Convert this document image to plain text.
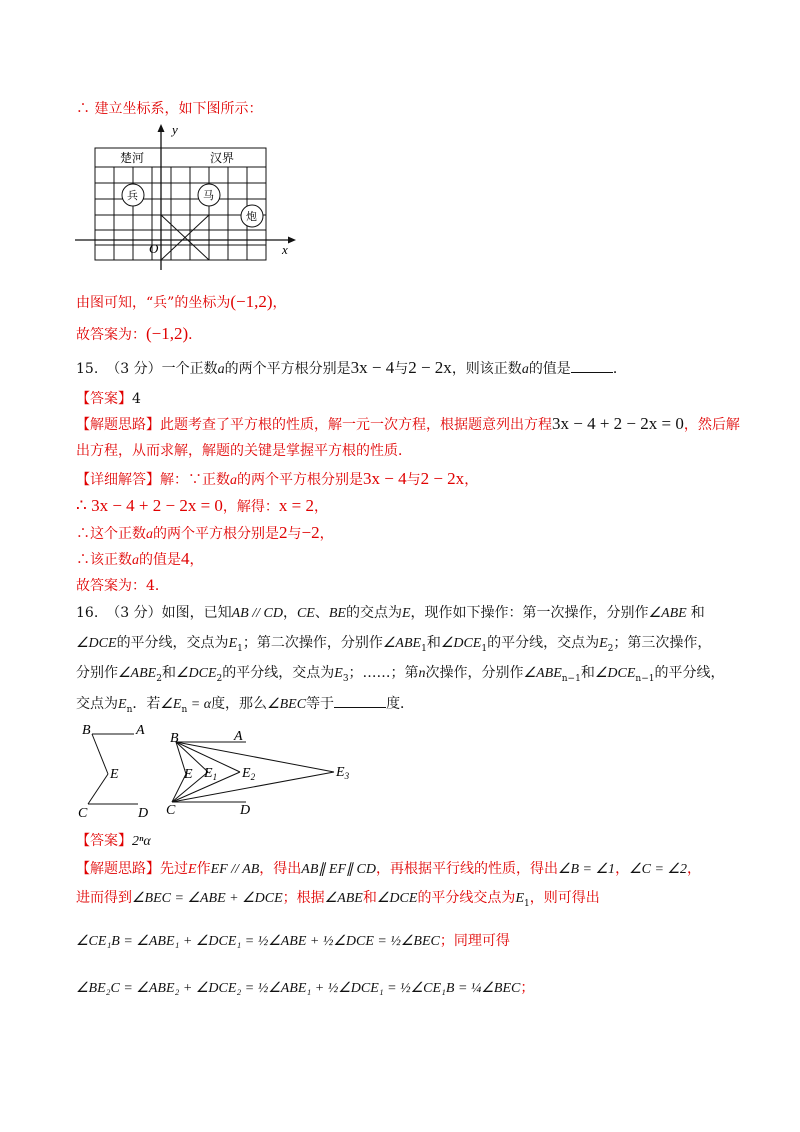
∴ 建立坐标系，如下图所示：
y
x
O
楚河	汉界
兵	马
炮
由图可知，“兵”的坐标为(−1,2)，
故答案为：(−1,2)．
15. （3 分）一个正数a的两个平方根分别是3x − 4与2 − 2x，则该正数a的值是	．
【答案】4
【解题思路】此题考查了平方根的性质，解一元一次方程，根据题意列出方程3x − 4 + 2 − 2x = 0，然后解
出方程，从而求解，解题的关键是掌握平方根的性质．
【详细解答】解：∵正数a的两个平方根分别是3x − 4与2 − 2x，
∴ 3x − 4 + 2 − 2x = 0，解得：x = 2，
∴这个正数a的两个平方根分别是2与−2，
∴该正数a的值是4，
故答案为：4．
16. （3 分）如图，已知AB // CD，CE、BE的交点为E，现作如下操作：第一次操作，分别作∠ABE 和
∠DCE的平分线，交点为$E_1$；第二次操作，分别作$\angle ABE_1$和$\angle DCE_1$的平分线，交点为$E_2$；第三次操作，
分别作$\angle ABE_2$和$\angle DCE_2$的平分线，交点为$E_3$；……；第n次操作，分别作$\angle ABE_{n-1}$和$\angle DCE_{n-1}$的平分线，
交点为$E_n$．若$\angle E_n = \alpha$度，那么∠BEC等于	度．
B	A
E
C	D
B	A
E $E_1$ $E_2$	$E_3$
C	D
【答案】2ⁿα
【解题思路】先过E作EF // AB，得出AB∥ EF∥ CD，再根据平行线的性质，得出∠B = ∠1，∠C = ∠2，
进而得到∠BEC = ∠ABE + ∠DCE；根据∠ABE和∠DCE的平分线交点为$E_1$，则可得出
∠CE₁B = ∠ABE₁ + ∠DCE₁ = ½∠ABE + ½∠DCE = ½∠BEC；同理可得
∠BE₂C = ∠ABE₂ + ∠DCE₂ = ½∠ABE₁ + ½∠DCE₁ = ½∠CE₁B = ¼∠BEC；
